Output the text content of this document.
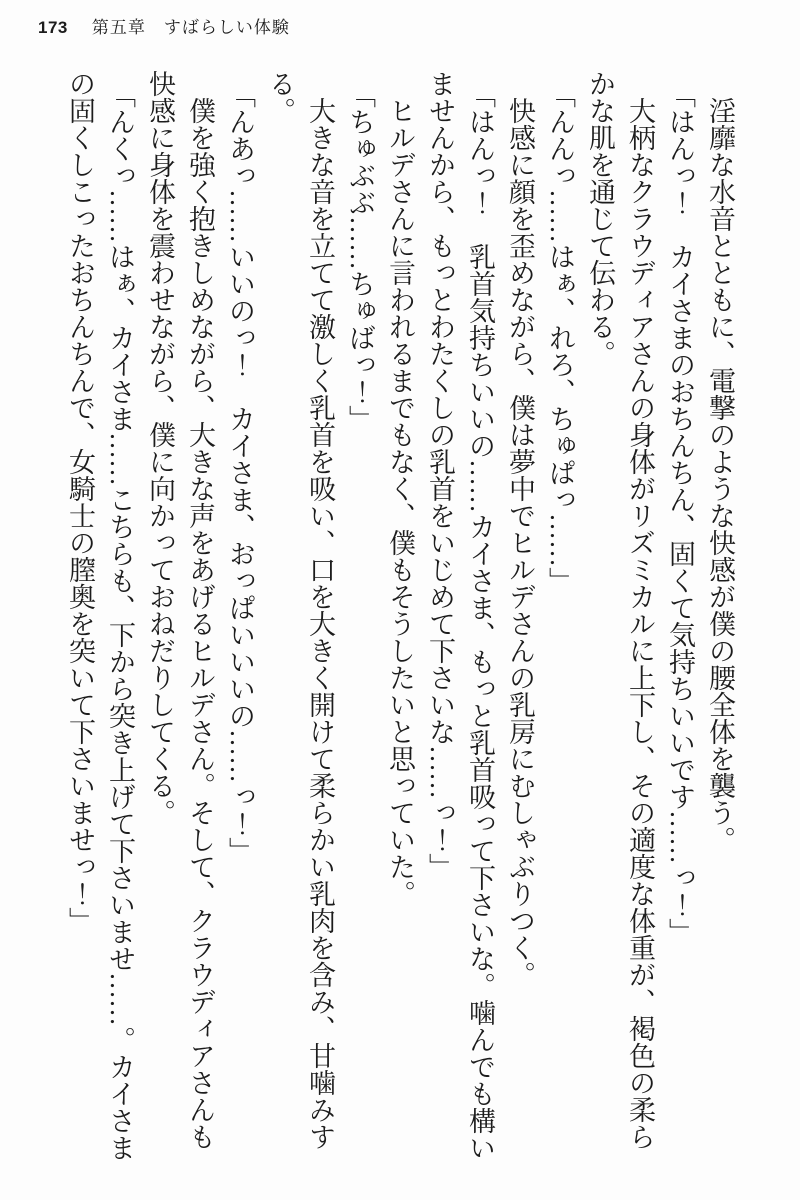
173 第五章　すばらしい体験

淫靡な水音とともに、電撃のような快感が僕の腰全体を襲う。

「はんっ！　カイさまのおちんちん、固くて気持ちいいです……っ！」

大柄なクラウディアさんの身体がリズミカルに上下し、その適度な体重が、褐色の柔らかな肌を通じて伝わる。

「んんっ……はぁ、れろ、ちゅぱっ……」

快感に顔を歪めながら、僕は夢中でヒルデさんの乳房にむしゃぶりつく。

「はんっ！　乳首気持ちいいの……カイさま、もっと乳首吸って下さいな。噛んでも構いませんから、もっとわたくしの乳首をいじめて下さいな……っ！」

ヒルデさんに言われるまでもなく、僕もそうしたいと思っていた。

「ちゅぶぶ……ちゅばっ！」

大きな音を立てて激しく乳首を吸い、口を大きく開けて柔らかい乳肉を含み、甘噛みする。

「んあっ……いいのっ！　カイさま、おっぱいいいの……っ！」

僕を強く抱きしめながら、大きな声をあげるヒルデさん。そして、クラウディアさんも快感に身体を震わせながら、僕に向かっておねだりしてくる。

「んくっ……はぁ、カイさま……こちらも、下から突き上げて下さいませ……。カイさまの固くしこったおちんちんで、女騎士の膣奥を突いて下さいませっ！」
